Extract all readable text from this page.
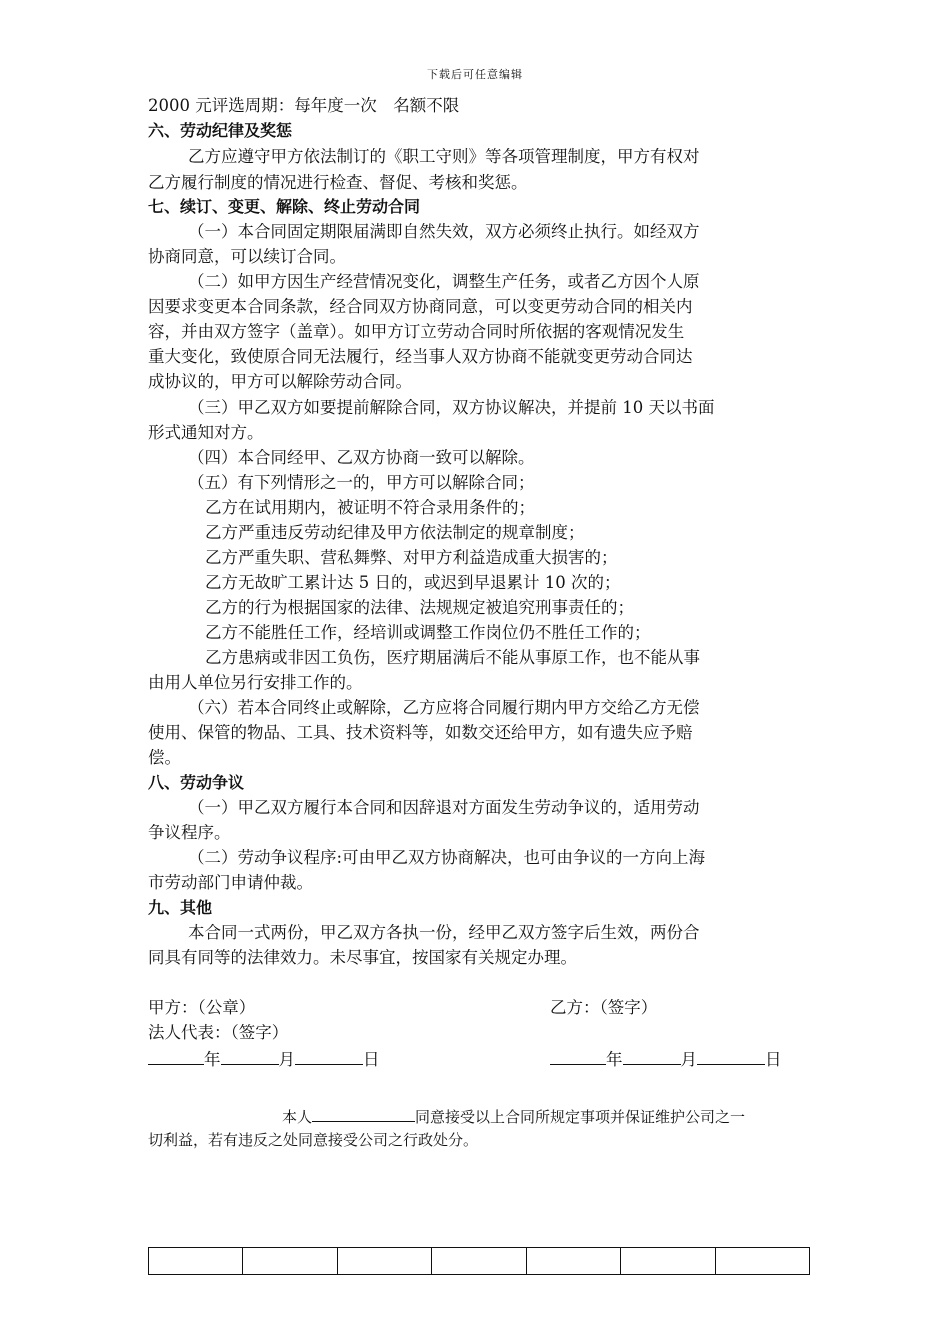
下载后可任意编辑
2000 元评选周期：每年度一次　名额不限
六、劳动纪律及奖惩
乙方应遵守甲方依法制订的《职工守则》等各项管理制度，甲方有权对
乙方履行制度的情况进行检查、督促、考核和奖惩。
七、续订、变更、解除、终止劳动合同
（一）本合同固定期限届满即自然失效，双方必须终止执行。如经双方
协商同意，可以续订合同。
（二）如甲方因生产经营情况变化，调整生产任务，或者乙方因个人原
因要求变更本合同条款，经合同双方协商同意，可以变更劳动合同的相关内
容，并由双方签字（盖章）。如甲方订立劳动合同时所依据的客观情况发生
重大变化，致使原合同无法履行，经当事人双方协商不能就变更劳动合同达
成协议的，甲方可以解除劳动合同。
（三）甲乙双方如要提前解除合同，双方协议解决，并提前 10 天以书面
形式通知对方。
（四）本合同经甲、乙双方协商一致可以解除。
（五）有下列情形之一的，甲方可以解除合同；
乙方在试用期内，被证明不符合录用条件的；
乙方严重违反劳动纪律及甲方依法制定的规章制度；
乙方严重失职、营私舞弊、对甲方利益造成重大损害的；
乙方无故旷工累计达 5 日的，或迟到早退累计 10 次的；
乙方的行为根据国家的法律、法规规定被追究刑事责任的；
乙方不能胜任工作，经培训或调整工作岗位仍不胜任工作的；
乙方患病或非因工负伤，医疗期届满后不能从事原工作，也不能从事
由用人单位另行安排工作的。
（六）若本合同终止或解除，乙方应将合同履行期内甲方交给乙方无偿
使用、保管的物品、工具、技术资料等，如数交还给甲方，如有遗失应予赔
偿。
八、劳动争议
（一）甲乙双方履行本合同和因辞退对方面发生劳动争议的，适用劳动
争议程序。
（二）劳动争议程序:可由甲乙双方协商解决，也可由争议的一方向上海
市劳动部门申请仲裁。
九、其他
本合同一式两份，甲乙双方各执一份，经甲乙双方签字后生效，两份合
同具有同等的法律效力。未尽事宜，按国家有关规定办理。
甲方：（公章）	乙方：（签字）
法人代表：（签字）
年	月	日	年	月	日
本人	同意接受以上合同所规定事项并保证维护公司之一
切利益，若有违反之处同意接受公司之行政处分。
